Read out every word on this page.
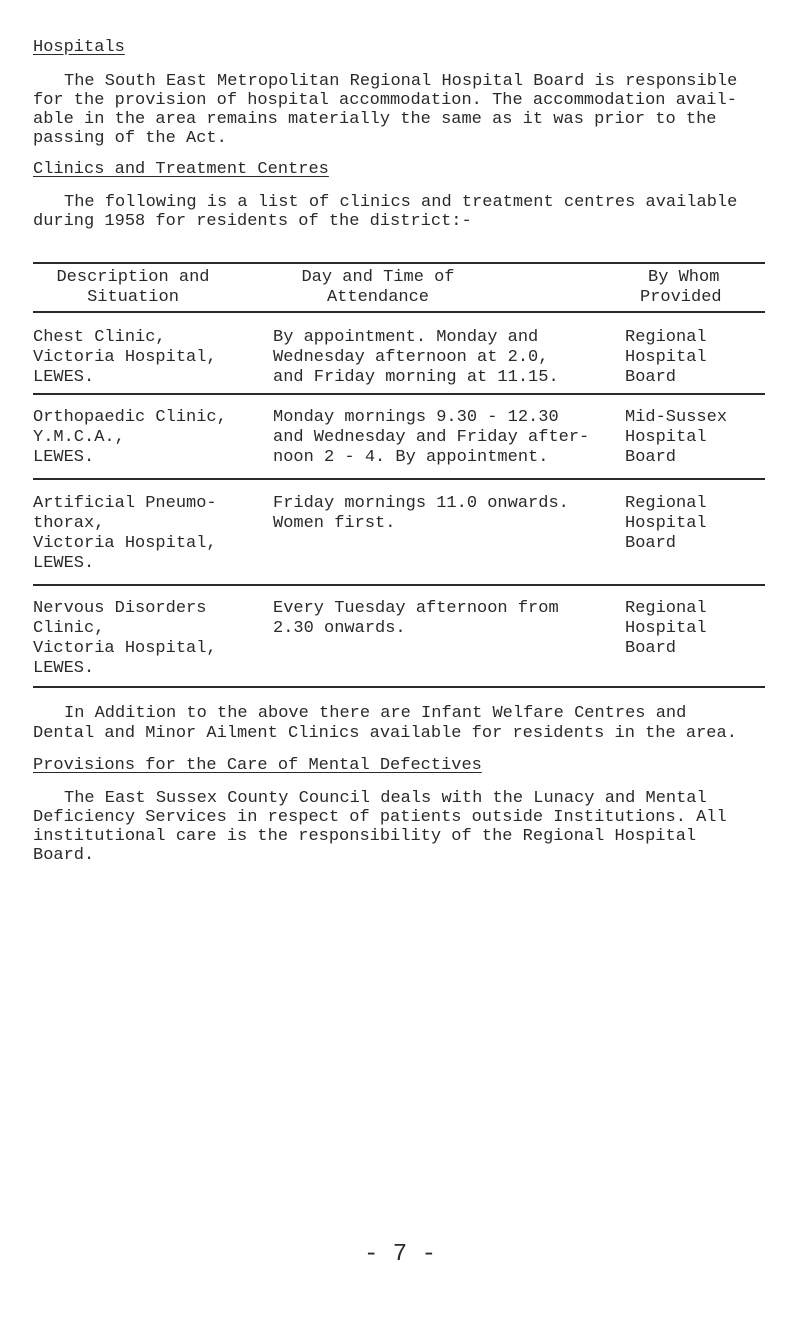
Hospitals
The South East Metropolitan Regional Hospital Board is responsible
for the provision of hospital accommodation. The accommodation avail-
able in the area remains materially the same as it was prior to the
passing of the Act.
Clinics and Treatment Centres
The following is a list of clinics and treatment centres available
during 1958 for residents of the district:-
Description and
Situation
Day and Time of
Attendance
By Whom
Provided
Chest Clinic,
Victoria Hospital,
LEWES.
By appointment. Monday and
Wednesday afternoon at 2.0,
and Friday morning at 11.15.
Regional
Hospital
Board
Orthopaedic Clinic,
Y.M.C.A.,
LEWES.
Monday mornings 9.30 - 12.30
and Wednesday and Friday after-
noon 2 - 4. By appointment.
Mid-Sussex
Hospital
Board
Artificial Pneumo-
thorax,
Victoria Hospital,
LEWES.
Friday mornings 11.0 onwards.
Women first.
Regional
Hospital
Board
Nervous Disorders
Clinic,
Victoria Hospital,
LEWES.
Every Tuesday afternoon from
2.30 onwards.
Regional
Hospital
Board
In Addition to the above there are Infant Welfare Centres and
Dental and Minor Ailment Clinics available for residents in the area.
Provisions for the Care of Mental Defectives
The East Sussex County Council deals with the Lunacy and Mental
Deficiency Services in respect of patients outside Institutions. All
institutional care is the responsibility of the Regional Hospital
Board.
- 7 -
